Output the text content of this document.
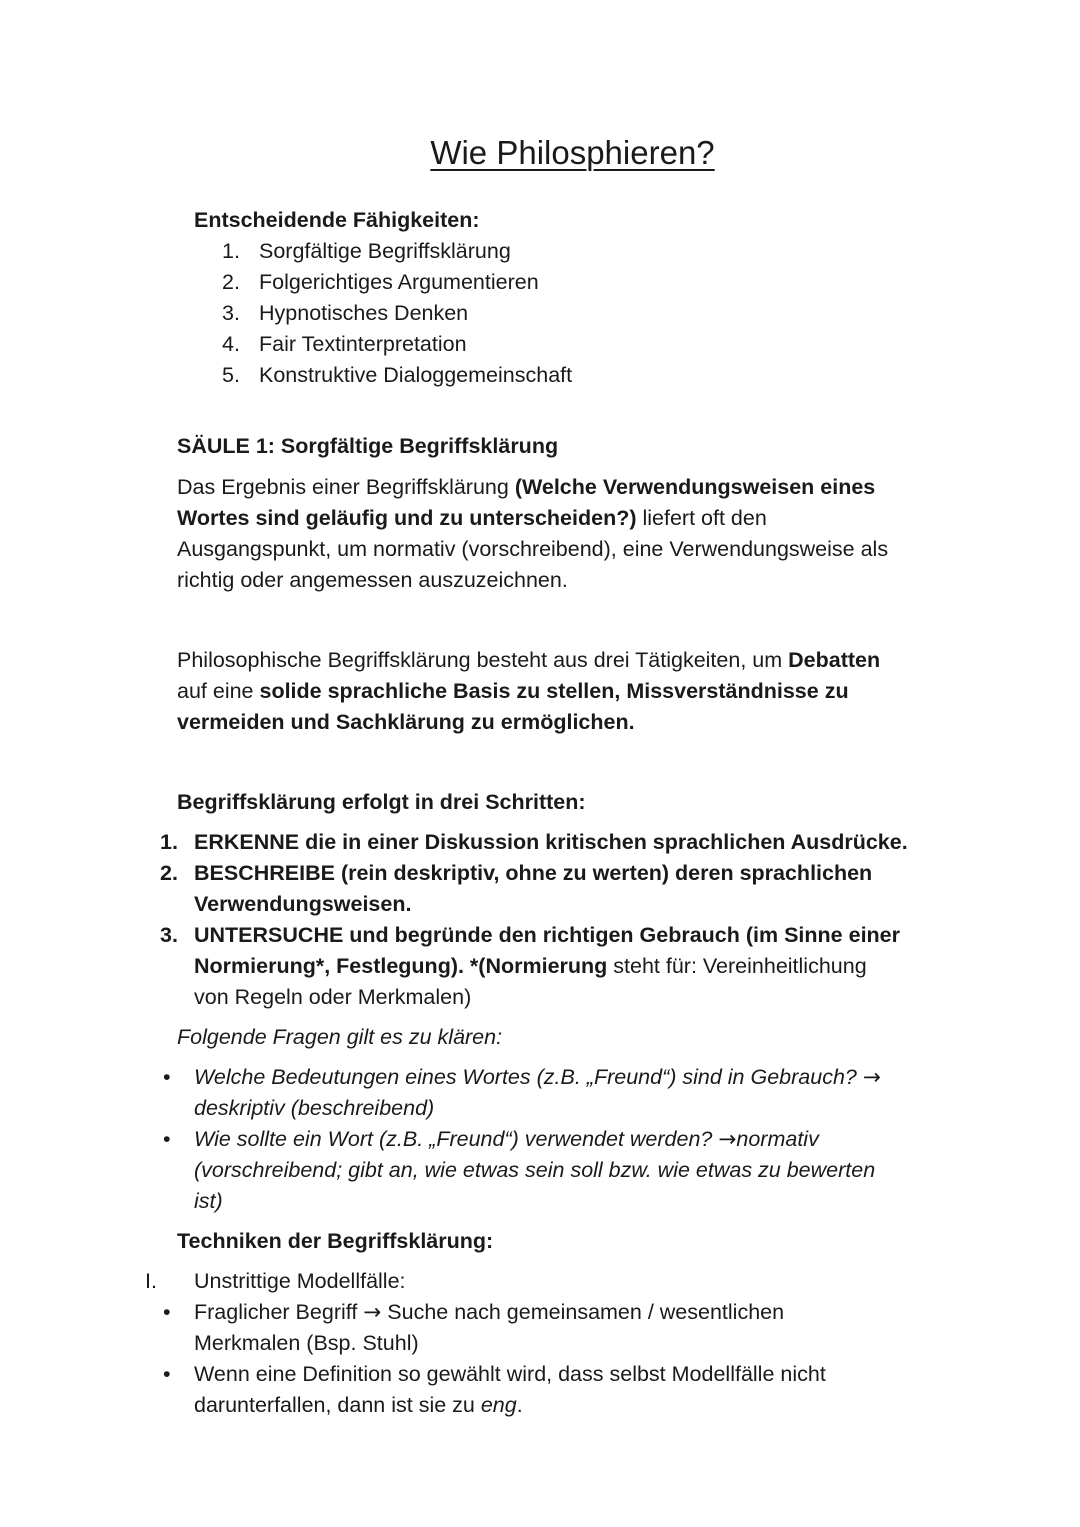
Wie Philosphieren?
Entscheidende Fähigkeiten:
1. Sorgfältige Begriffsklärung
2. Folgerichtiges Argumentieren
3. Hypnotisches Denken
4. Fair Textinterpretation
5. Konstruktive Dialoggemeinschaft
SÄULE 1: Sorgfältige Begriffsklärung
Das Ergebnis einer Begriffsklärung (Welche Verwendungsweisen eines
Wortes sind geläufig und zu unterscheiden?) liefert oft den
Ausgangspunkt, um normativ (vorschreibend), eine Verwendungsweise als
richtig oder angemessen auszuzeichnen.
Philosophische Begriffsklärung besteht aus drei Tätigkeiten, um Debatten
auf eine solide sprachliche Basis zu stellen, Missverständnisse zu
vermeiden und Sachklärung zu ermöglichen.
Begriffsklärung erfolgt in drei Schritten:
1. ERKENNE die in einer Diskussion kritischen sprachlichen Ausdrücke.
2. BESCHREIBE (rein deskriptiv, ohne zu werten) deren sprachlichen
Verwendungsweisen.
3. UNTERSUCHE und begründe den richtigen Gebrauch (im Sinne einer
Normierung*, Festlegung). *(Normierung steht für: Vereinheitlichung
von Regeln oder Merkmalen)
Folgende Fragen gilt es zu klären:
• Welche Bedeutungen eines Wortes (z.B. „Freund“) sind in Gebrauch? →
deskriptiv (beschreibend)
• Wie sollte ein Wort (z.B. „Freund“) verwendet werden? →normativ
(vorschreibend; gibt an, wie etwas sein soll bzw. wie etwas zu bewerten
ist)
Techniken der Begriffsklärung:
I. Unstrittige Modellfälle:
• Fraglicher Begriff → Suche nach gemeinsamen / wesentlichen
Merkmalen (Bsp. Stuhl)
• Wenn eine Definition so gewählt wird, dass selbst Modellfälle nicht
darunterfallen, dann ist sie zu eng.
